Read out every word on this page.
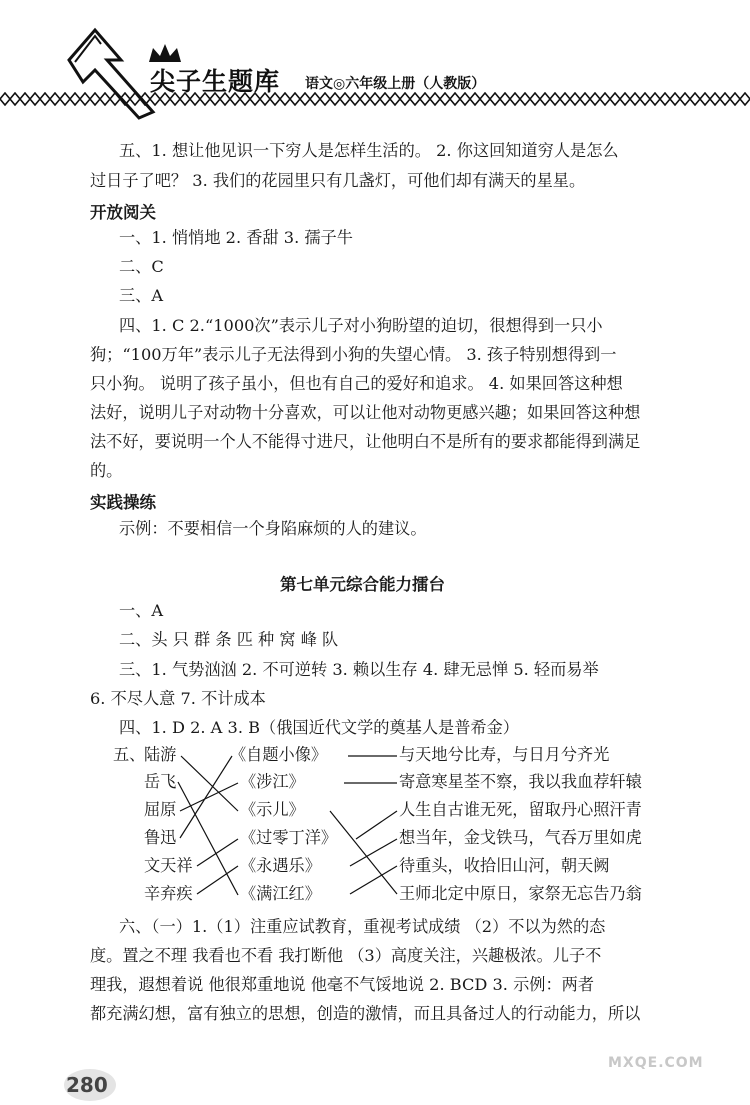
尖子生题库 语文◎六年级上册（人教版）
五、1. 想让他见识一下穷人是怎样生活的。 2. 你这回知道穷人是怎么
过日子了吧？ 3. 我们的花园里只有几盏灯，可他们却有满天的星星。
开放阅关
一、1. 悄悄地 2. 香甜 3. 孺子牛
二、C
三、A
四、1. C 2.“1000次”表示儿子对小狗盼望的迫切，很想得到一只小
狗；“100万年”表示儿子无法得到小狗的失望心情。 3. 孩子特别想得到一
只小狗。 说明了孩子虽小，但也有自己的爱好和追求。 4. 如果回答这种想
法好，说明儿子对动物十分喜欢，可以让他对动物更感兴趣；如果回答这种想
法不好，要说明一个人不能得寸进尺，让他明白不是所有的要求都能得到满足
的。
实践操练
示例：不要相信一个身陷麻烦的人的建议。
第七单元综合能力擂台
一、A
二、头 只 群 条 匹 种 窝 峰 队
三、1. 气势汹汹 2. 不可逆转 3. 赖以生存 4. 肆无忌惮 5. 轻而易举
6. 不尽人意 7. 不计成本
四、1. D 2. A 3. B（俄国近代文学的奠基人是普希金）
五、
陆游
岳飞
屈原
鲁迅
文天祥
辛弃疾
《自题小像》
《涉江》
《示儿》
《过零丁洋》
《永遇乐》
《满江红》
与天地兮比寿，与日月兮齐光
寄意寒星荃不察，我以我血荐轩辕
人生自古谁无死，留取丹心照汗青
想当年，金戈铁马，气吞万里如虎
待重头，收拾旧山河，朝天阙
王师北定中原日，家祭无忘告乃翁
六、（一）1.（1）注重应试教育，重视考试成绩 （2）不以为然的态
度。置之不理 我看也不看 我打断他 （3）高度关注，兴趣极浓。儿子不
理我，遐想着说 他很郑重地说 他毫不气馁地说 2. BCD 3. 示例：两者
都充满幻想，富有独立的思想，创造的激情，而且具备过人的行动能力，所以
280
MXQE.COM
